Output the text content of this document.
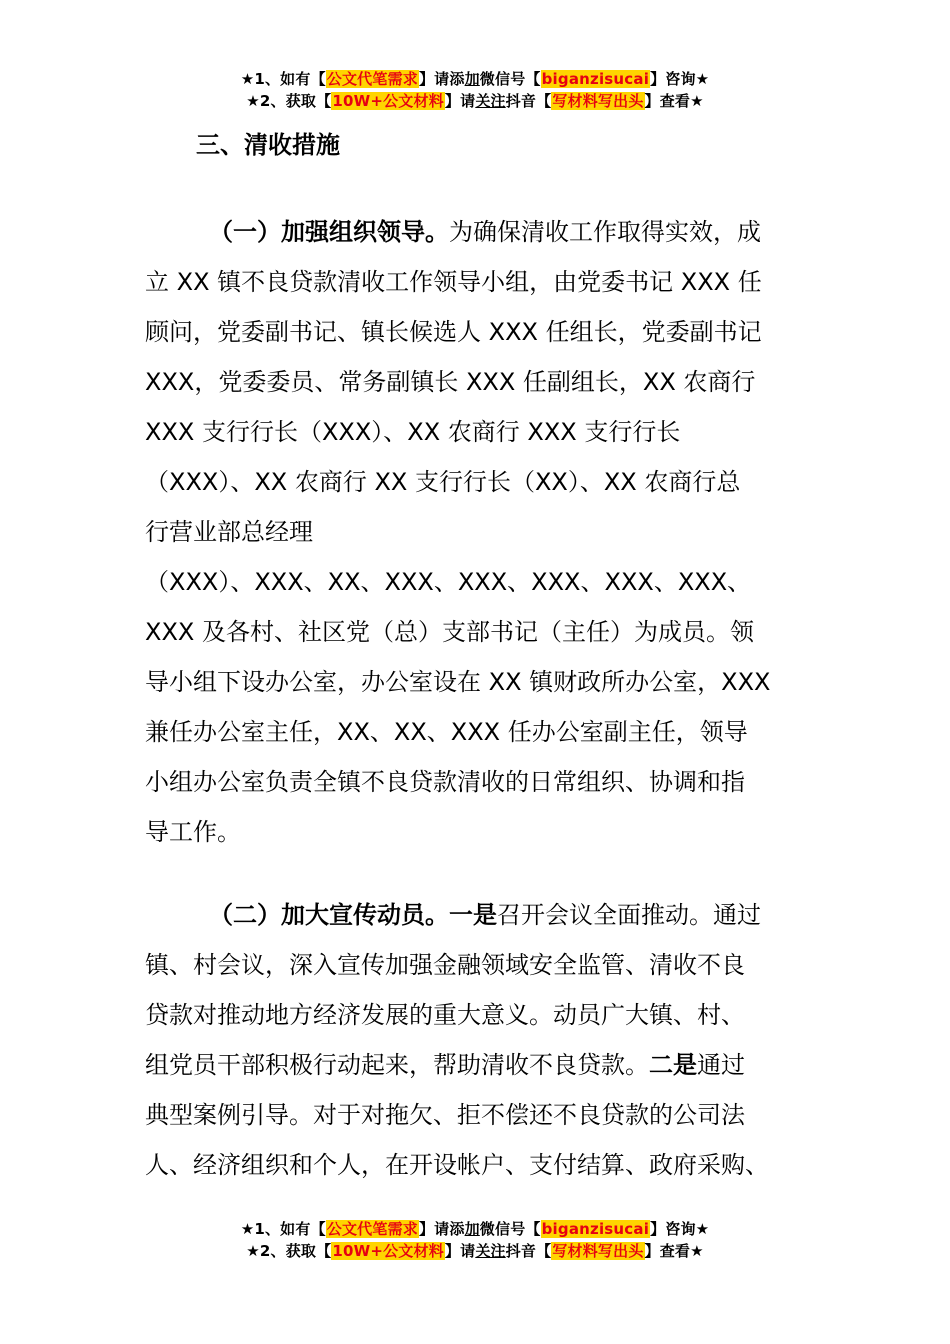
★1、如有【公文代笔需求】请添加微信号【biganzisucai】咨询★
★2、获取【10W+公文材料】请关注抖音【写材料写出头】查看★
三、清收措施
（一）加强组织领导。为确保清收工作取得实效，成
立 XX 镇不良贷款清收工作领导小组，由党委书记 XXX 任
顾问，党委副书记、镇长候选人 XXX 任组长，党委副书记
XXX，党委委员、常务副镇长 XXX 任副组长，XX 农商行
XXX 支行行长（XXX）、XX 农商行 XXX 支行行长
（XXX）、XX 农商行 XX 支行行长（XX）、XX 农商行总
行营业部总经理
（XXX）、XXX、XX、XXX、XXX、XXX、XXX、XXX、
XXX 及各村、社区党（总）支部书记（主任）为成员。领
导小组下设办公室，办公室设在 XX 镇财政所办公室，XXX
兼任办公室主任，XX、XX、XXX 任办公室副主任，领导
小组办公室负责全镇不良贷款清收的日常组织、协调和指
导工作。
（二）加大宣传动员。一是召开会议全面推动。通过
镇、村会议，深入宣传加强金融领域安全监管、清收不良
贷款对推动地方经济发展的重大意义。动员广大镇、村、
组党员干部积极行动起来，帮助清收不良贷款。二是通过
典型案例引导。对于对拖欠、拒不偿还不良贷款的公司法
人、经济组织和个人，在开设帐户、支付结算、政府采购、
★1、如有【公文代笔需求】请添加微信号【biganzisucai】咨询★
★2、获取【10W+公文材料】请关注抖音【写材料写出头】查看★
